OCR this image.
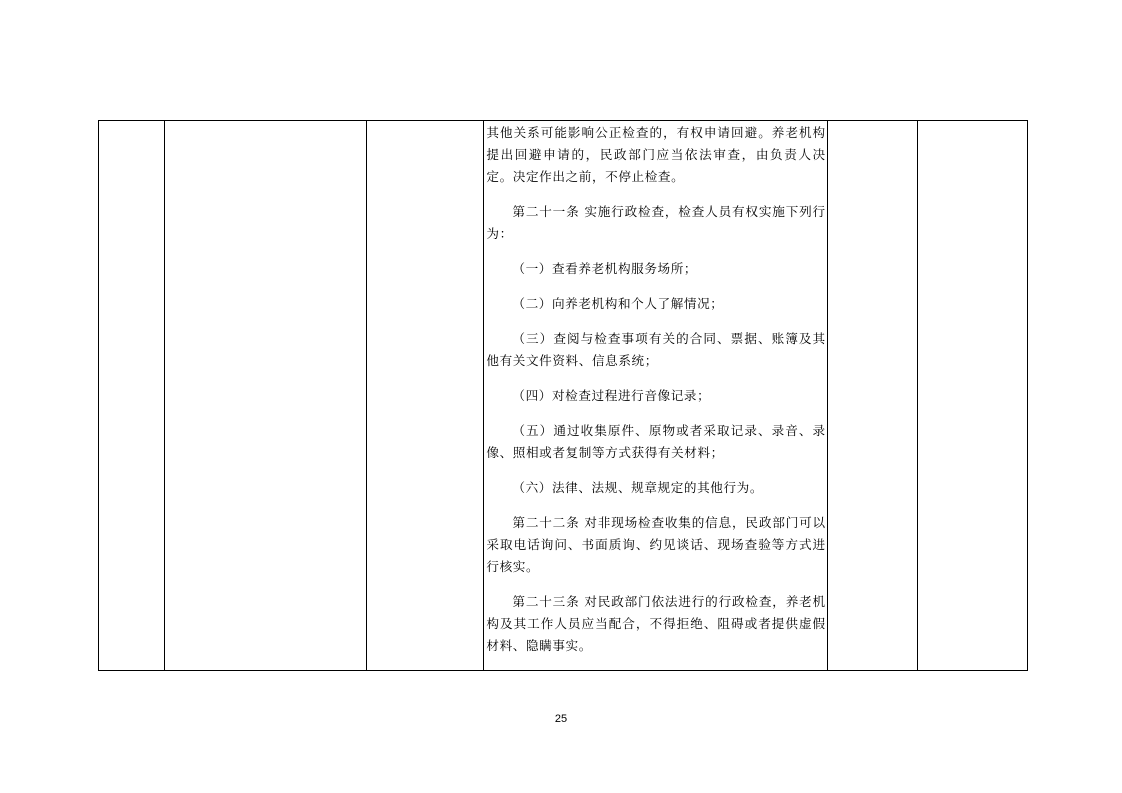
其他关系可能影响公正检查的，有权申请回避。养老机构提出回避申请的，民政部门应当依法审查，由负责人决定。决定作出之前，不停止检查。

第二十一条 实施行政检查，检查人员有权实施下列行为：

（一）查看养老机构服务场所；

（二）向养老机构和个人了解情况；

（三）查阅与检查事项有关的合同、票据、账簿及其他有关文件资料、信息系统；

（四）对检查过程进行音像记录；

（五）通过收集原件、原物或者采取记录、录音、录像、照相或者复制等方式获得有关材料；

（六）法律、法规、规章规定的其他行为。

第二十二条 对非现场检查收集的信息，民政部门可以采取电话询问、书面质询、约见谈话、现场查验等方式进行核实。

第二十三条 对民政部门依法进行的行政检查，养老机构及其工作人员应当配合，不得拒绝、阻碍或者提供虚假材料、隐瞒事实。

25
